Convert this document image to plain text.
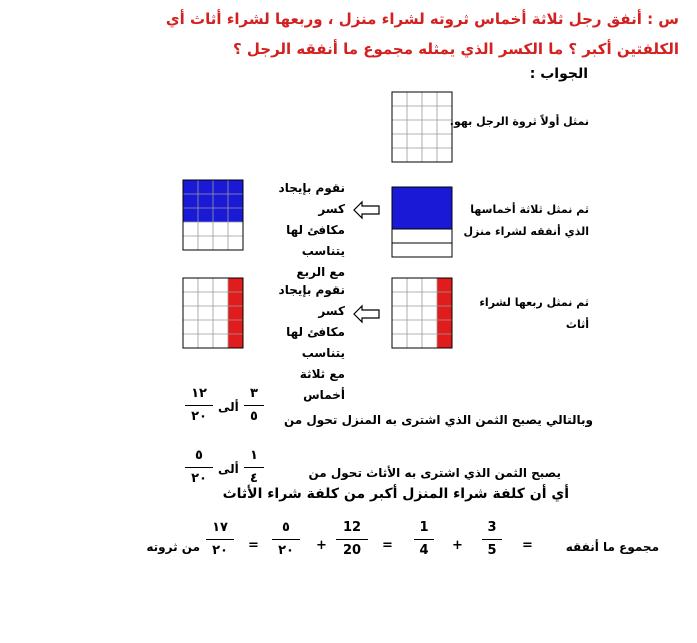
س : أنفق رجل ثلاثة أخماس ثروته لشراء منزل ، وربعها لشراء أثاث أي
الكلفتين أكبر ؟ ما الكسر الذي يمثله مجموع ما أنفقه الرجل ؟
الجواب :
نمثل أولاً ثروة الرجل بهو.
ثم نمثل ثلاثة أخماسها
الذي أنفقه لشراء منزل
نقوم بإيجاد كسر
مكافئ لها يتناسب
مع الربع
ثم نمثل ربعها لشراء
أثاث
نقوم بإيجاد كسر
مكافئ لها يتناسب
مع ثلاثة أخماس
وبالتالي يصبح الثمن الذي اشترى به المنزل تحول من
٣
٥
ألى
١٢
٢٠
يصبح الثمن الذي اشترى به الأثاث تحول من
١
٤
ألى
٥
٢٠
أي أن كلفة شراء المنزل أكبر من كلفة شراء الأثاث
مجموع ما أنفقه
=
3
5
+
1
4
=
12
20
+
٥
٢٠
=
١٧
٢٠
من ثروته
